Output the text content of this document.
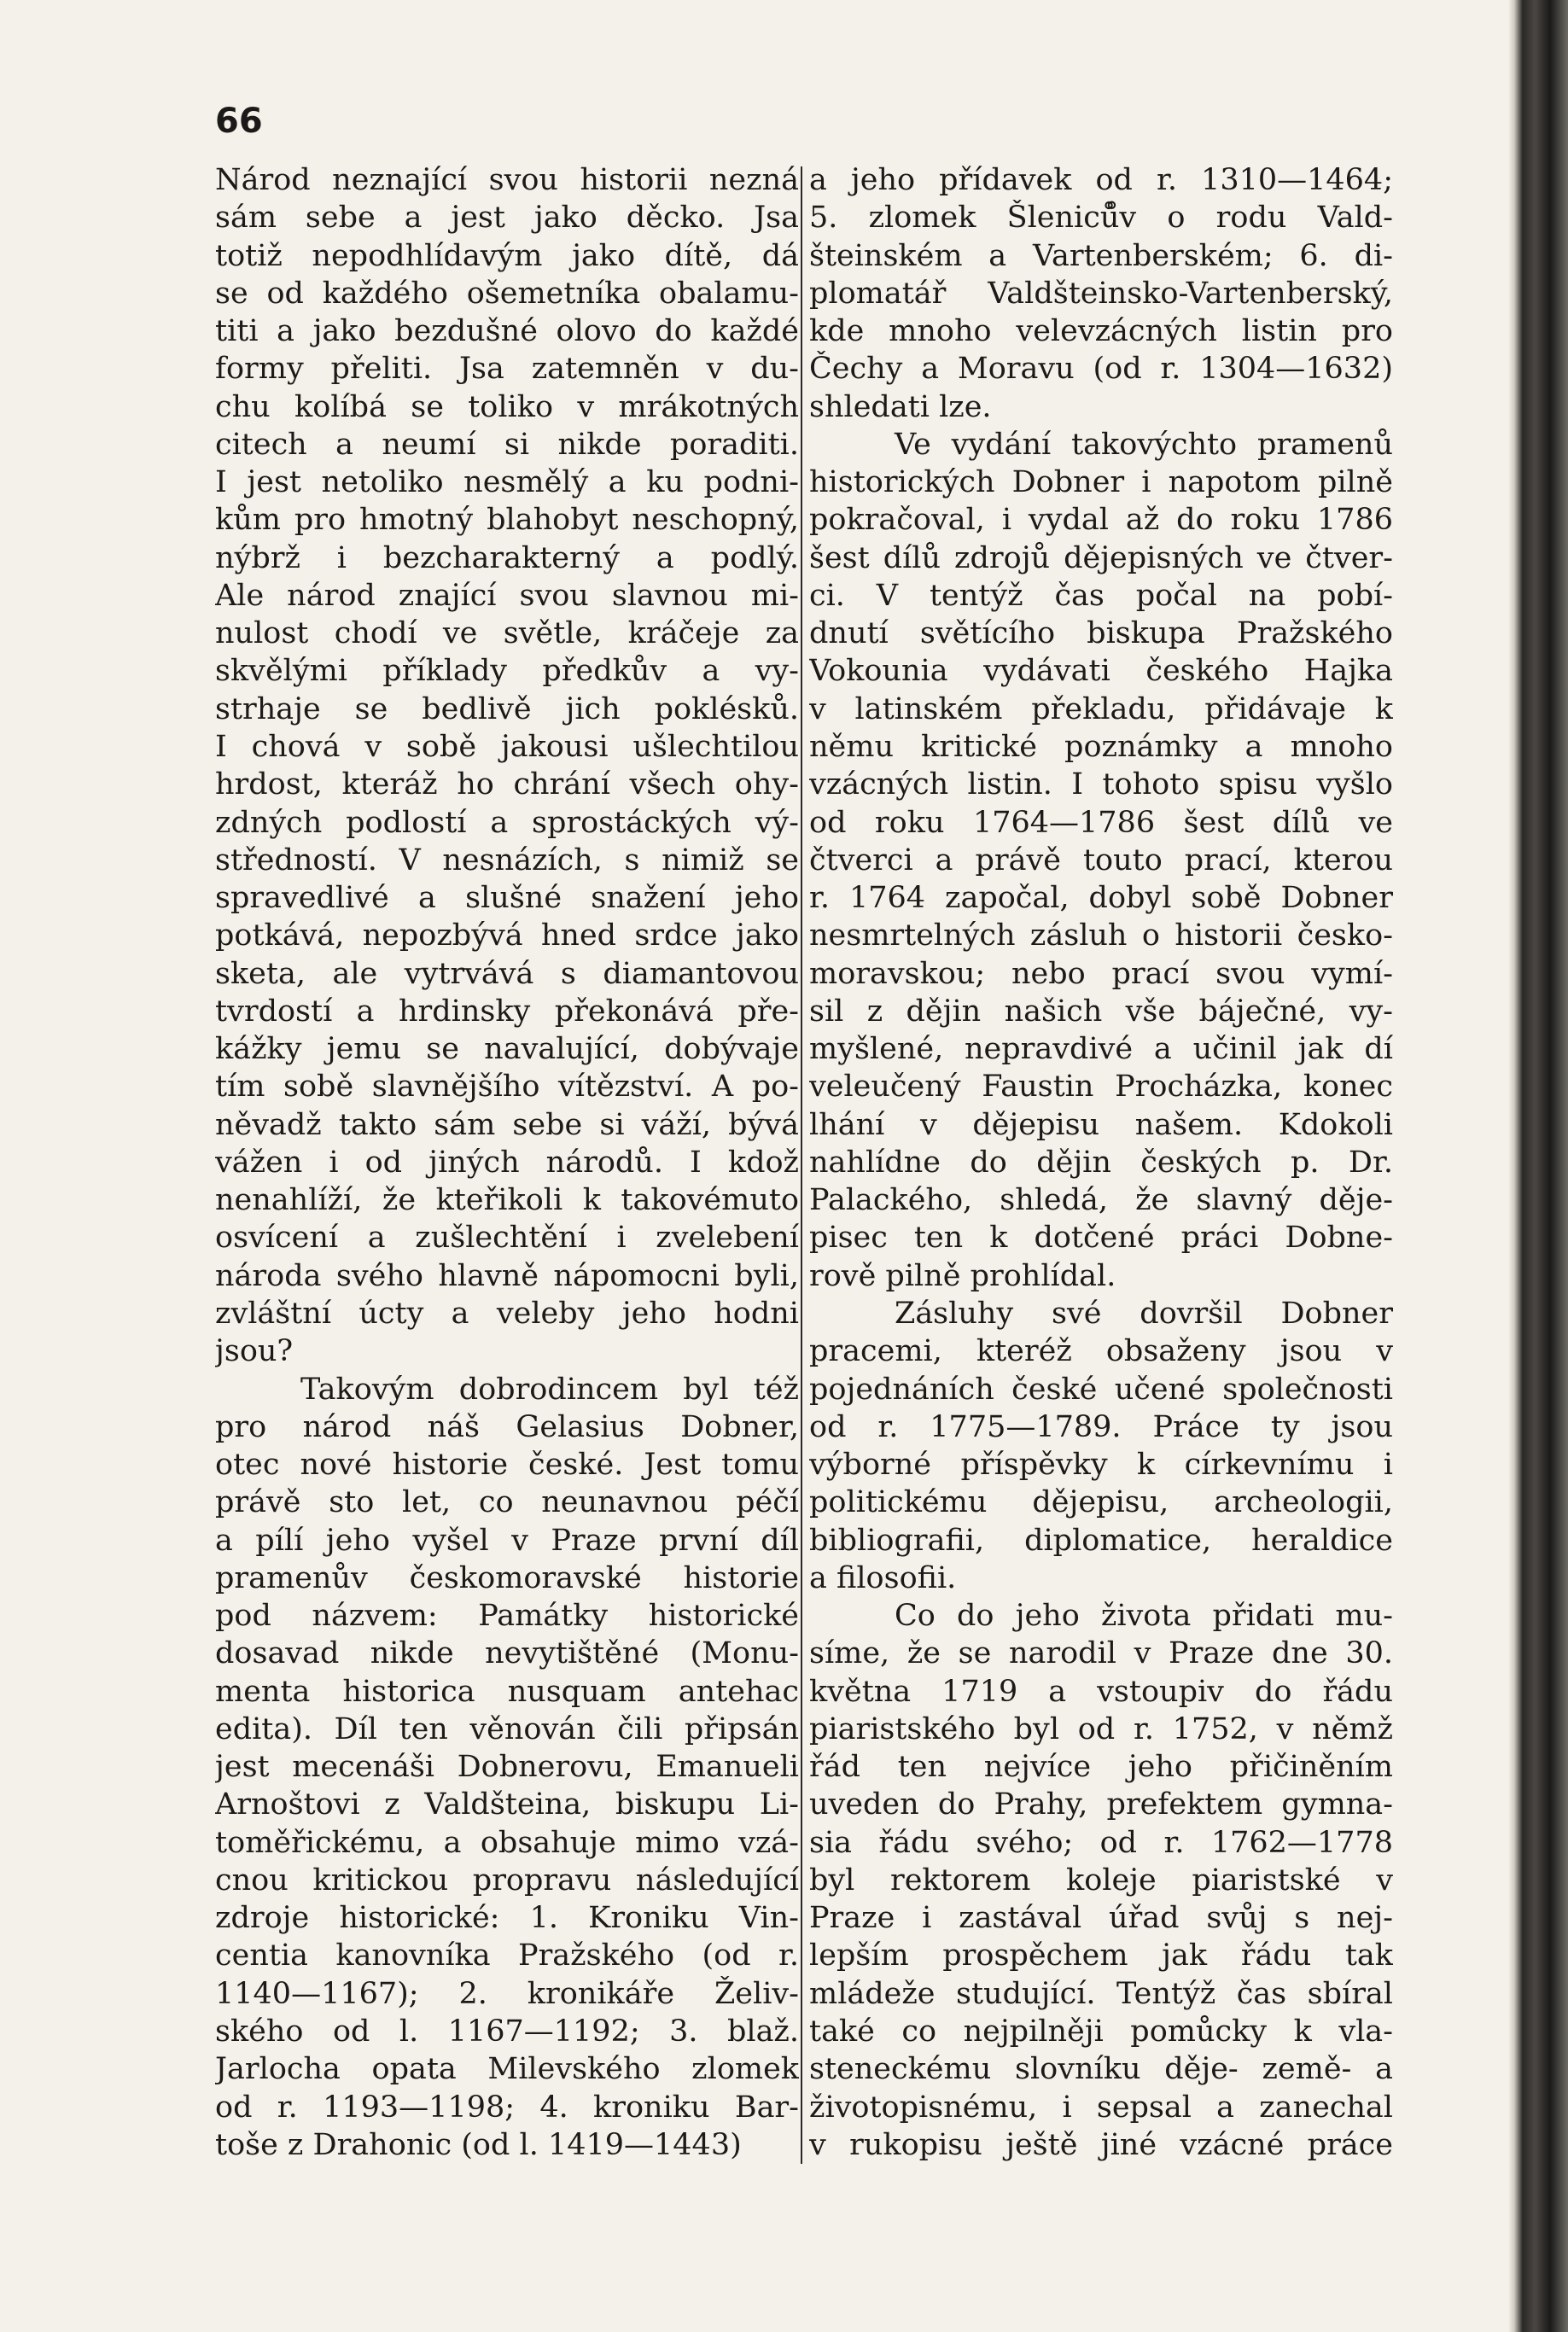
66
Národ neznající svou historii nezná
sám sebe a jest jako děcko. Jsa
totiž nepodhlídavým jako dítě, dá
se od každého ošemetníka obalamu-
titi a jako bezdušné olovo do každé
formy přeliti. Jsa zatemněn v du-
chu kolíbá se toliko v mrákotných
citech a neumí si nikde poraditi.
I jest netoliko nesmělý a ku podni-
kům pro hmotný blahobyt neschopný,
nýbrž i bezcharakterný a podlý.
Ale národ znající svou slavnou mi-
nulost chodí ve světle, kráčeje za
skvělými příklady předkův a vy-
strhaje se bedlivě jich poklésků.
I chová v sobě jakousi ušlechtilou
hrdost, kteráž ho chrání všech ohy-
zdných podlostí a sprostáckých vý-
středností. V nesnázích, s nimiž se
spravedlivé a slušné snažení jeho
potkává, nepozbývá hned srdce jako
sketa, ale vytrvává s diamantovou
tvrdostí a hrdinsky překonává pře-
kážky jemu se navalující, dobývaje
tím sobě slavnějšího vítězství. A po-
něvadž takto sám sebe si váží, bývá
vážen i od jiných národů. I kdož
nenahlíží, že kteřikoli k takovémuto
osvícení a zušlechtění i zvelebení
národa svého hlavně nápomocni byli,
zvláštní úcty a veleby jeho hodni
jsou?
Takovým dobrodincem byl též
pro národ náš Gelasius Dobner,
otec nové historie české. Jest tomu
právě sto let, co neunavnou péčí
a pílí jeho vyšel v Praze první díl
pramenův českomoravské historie
pod názvem: Památky historické
dosavad nikde nevytištěné (Monu-
menta historica nusquam antehac
edita). Díl ten věnován čili připsán
jest mecenáši Dobnerovu, Emanueli
Arnoštovi z Valdšteina, biskupu Li-
toměřickému, a obsahuje mimo vzá-
cnou kritickou propravu následující
zdroje historické: 1. Kroniku Vin-
centia kanovníka Pražského (od r.
1140—1167); 2. kronikáře Želiv-
ského od l. 1167—1192; 3. blaž.
Jarlocha opata Milevského zlomek
od r. 1193—1198; 4. kroniku Bar-
toše z Drahonic (od l. 1419—1443)
a jeho přídavek od r. 1310—1464;
5. zlomek Šleniců̊v o rodu Vald-
šteinském a Vartenberském; 6. di-
plomatář Valdšteinsko-Vartenberský,
kde mnoho velevzácných listin pro
Čechy a Moravu (od r. 1304—1632)
shledati lze.
Ve vydání takovýchto pramenů
historických Dobner i napotom pilně
pokračoval, i vydal až do roku 1786
šest dílů zdrojů dějepisných ve čtver-
ci. V tentýž čas počal na pobí-
dnutí světícího biskupa Pražského
Vokounia vydávati českého Hajka
v latinském překladu, přidávaje k
němu kritické poznámky a mnoho
vzácných listin. I tohoto spisu vyšlo
od roku 1764—1786 šest dílů ve
čtverci a právě touto prací, kterou
r. 1764 započal, dobyl sobě Dobner
nesmrtelných zásluh o historii česko-
moravskou; nebo prací svou vymí-
sil z dějin našich vše báječné, vy-
myšlené, nepravdivé a učinil jak dí
veleučený Faustin Procházka, konec
lhání v dějepisu našem. Kdokoli
nahlídne do dějin českých p. Dr.
Palackého, shledá, že slavný děje-
pisec ten k dotčené práci Dobne-
rově pilně prohlídal.
Zásluhy své dovršil Dobner
pracemi, kteréž obsaženy jsou v
pojednáních české učené společnosti
od r. 1775—1789. Práce ty jsou
výborné příspěvky k církevnímu i
politickému dějepisu, archeologii,
bibliografii, diplomatice, heraldice
a filosofii.
Co do jeho života přidati mu-
síme, že se narodil v Praze dne 30.
května 1719 a vstoupiv do řádu
piaristského byl od r. 1752, v němž
řád ten nejvíce jeho přičiněním
uveden do Prahy, prefektem gymna-
sia řádu svého; od r. 1762—1778
byl rektorem koleje piaristské v
Praze i zastával úřad svůj s nej-
lepším prospěchem jak řádu tak
mládeže studující. Tentýž čas sbíral
také co nejpilněji pomůcky k vla-
steneckému slovníku děje- země- a
životopisnému, i sepsal a zanechal
v rukopisu ještě jiné vzácné práce
